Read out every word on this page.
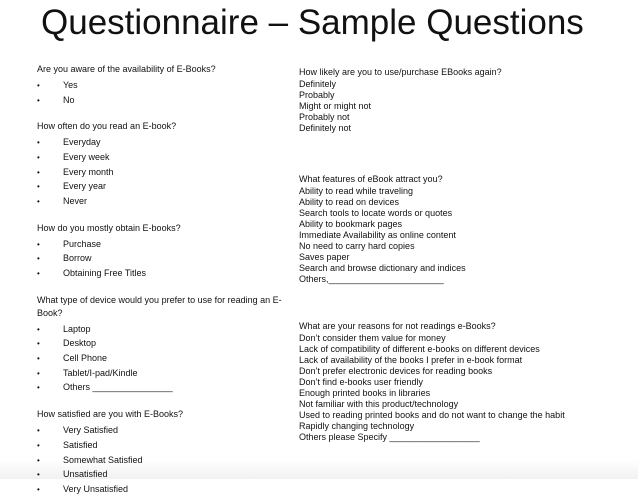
Questionnaire – Sample Questions

Are you aware of the availability of E-Books?

•	Yes
•	No

How often do you read an E-book?

•	Everyday
•	Every week
•	Every month
•	Every year
•	Never

How do you mostly obtain E-books?

•	Purchase
•	Borrow
•	Obtaining Free Titles

What type of device would you prefer to use for reading an E-Book?

•	Laptop
•	Desktop
•	Cell Phone
•	Tablet/I-pad/Kindle
•	Others ________________

How satisfied are you with E-Books?

•	Very Satisfied
•	Satisfied
•	Somewhat Satisfied
•	Unsatisfied
•	Very Unsatisfied

How likely are you to use/purchase EBooks again?

Definitely
Probably
Might or might not
Probably not
Definitely not

What features of eBook attract you?

Ability to read while traveling
Ability to read on devices
Search tools to locate words or quotes
Ability to bookmark pages
Immediate Availability as online content
No need to carry hard copies
Saves paper
Search and browse dictionary and indices
Others,_______________________

What are your reasons for not readings e-Books?

Don’t consider them value for money
Lack of compatibility of different e-books on different devices
Lack of availability of the books I prefer in e-book format
Don’t prefer electronic devices for reading books
Don’t find e-books user friendly
Enough printed books in libraries
Not familiar with this product/technology
Used to reading printed books and do not want to change the habit
Rapidly changing technology
Others please Specify __________________
